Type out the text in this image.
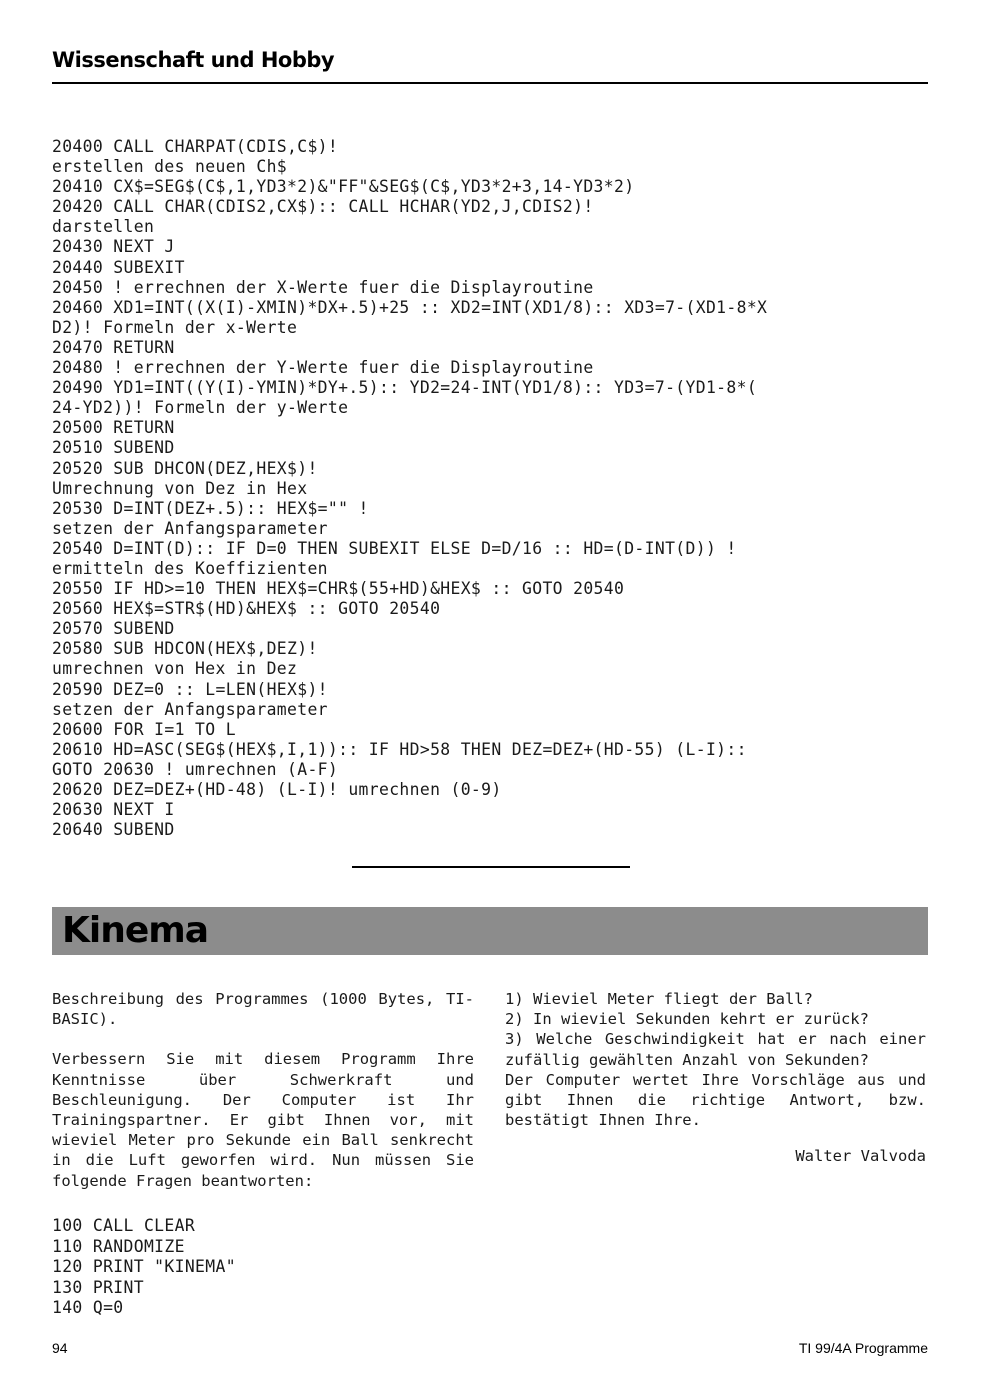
Wissenschaft und Hobby
20400 CALL CHARPAT(CDIS,C$)!
erstellen des neuen Ch$
20410 CX$=SEG$(C$,1,YD3*2)&"FF"&SEG$(C$,YD3*2+3,14-YD3*2)
20420 CALL CHAR(CDIS2,CX$):: CALL HCHAR(YD2,J,CDIS2)!
darstellen
20430 NEXT J
20440 SUBEXIT
20450 ! errechnen der X-Werte fuer die Displayroutine
20460 XD1=INT((X(I)-XMIN)*DX+.5)+25 :: XD2=INT(XD1/8):: XD3=7-(XD1-8*X
D2)! Formeln der x-Werte
20470 RETURN
20480 ! errechnen der Y-Werte fuer die Displayroutine
20490 YD1=INT((Y(I)-YMIN)*DY+.5):: YD2=24-INT(YD1/8):: YD3=7-(YD1-8*(
24-YD2))! Formeln der y-Werte
20500 RETURN
20510 SUBEND
20520 SUB DHCON(DEZ,HEX$)!
Umrechnung von Dez in Hex
20530 D=INT(DEZ+.5):: HEX$="" !
setzen der Anfangsparameter
20540 D=INT(D):: IF D=0 THEN SUBEXIT ELSE D=D/16 :: HD=(D-INT(D)) !
ermitteln des Koeffizienten
20550 IF HD>=10 THEN HEX$=CHR$(55+HD)&HEX$ :: GOTO 20540
20560 HEX$=STR$(HD)&HEX$ :: GOTO 20540
20570 SUBEND
20580 SUB HDCON(HEX$,DEZ)!
umrechnen von Hex in Dez
20590 DEZ=0 :: L=LEN(HEX$)!
setzen der Anfangsparameter
20600 FOR I=1 TO L
20610 HD=ASC(SEG$(HEX$,I,1)):: IF HD>58 THEN DEZ=DEZ+(HD-55) (L-I)::
GOTO 20630 ! umrechnen (A-F)
20620 DEZ=DEZ+(HD-48) (L-I)! umrechnen (0-9)
20630 NEXT I
20640 SUBEND
Kinema

Beschreibung des Programmes (1000 Bytes, TI-BASIC).

Verbessern Sie mit diesem Programm Ihre Kenntnisse über Schwerkraft und Beschleunigung. Der Computer ist Ihr Trainingspartner. Er gibt Ihnen vor, mit wieviel Meter pro Sekunde ein Ball senkrecht in die Luft geworfen wird. Nun müssen Sie folgende Fragen beantworten:

1) Wieviel Meter fliegt der Ball?

2) In wieviel Sekunden kehrt er zurück?

3) Welche Geschwindigkeit hat er nach einer zufällig gewählten Anzahl von Sekunden?

Der Computer wertet Ihre Vorschläge aus und gibt Ihnen die richtige Antwort, bzw. bestätigt Ihnen Ihre.

Walter Valvoda
100 CALL CLEAR
110 RANDOMIZE
120 PRINT "KINEMA"
130 PRINT
140 Q=0
94	TI 99/4A Programme
